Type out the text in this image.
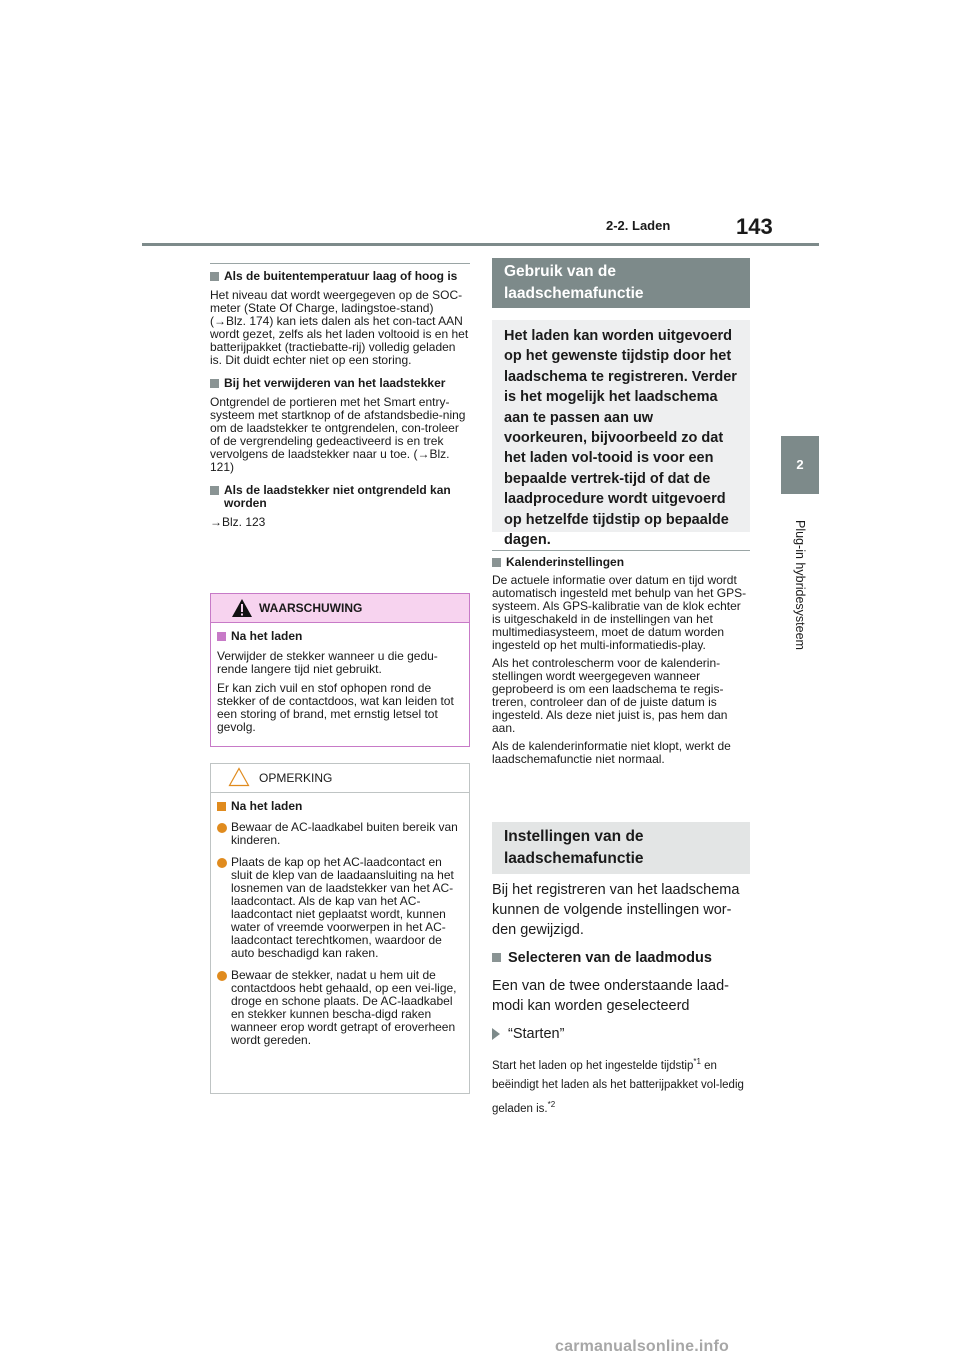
2-2. Laden	143
2
Plug-in hybridesysteem
Als de buitentemperatuur laag of hoog is

Het niveau dat wordt weergegeven op de SOC-meter (State Of Charge, ladingstoe-stand) (→Blz. 174) kan iets dalen als het con-tact AAN wordt gezet, zelfs als het laden voltooid is en het batterijpakket (tractiebatte-rij) volledig geladen is. Dit duidt echter niet op een storing.

Bij het verwijderen van het laadstekker

Ontgrendel de portieren met het Smart entry-systeem met startknop of de afstandsbedie-ning om de laadstekker te ontgrendelen, con-troleer of de vergrendeling gedeactiveerd is en trek vervolgens de laadstekker naar u toe. (→Blz. 121)

Als de laadstekker niet ontgrendeld kan worden

→Blz. 123

WAARSCHUWING
Na het laden

Verwijder de stekker wanneer u die gedu-rende langere tijd niet gebruikt.

Er kan zich vuil en stof ophopen rond de stekker of de contactdoos, wat kan leiden tot een storing of brand, met ernstig letsel tot gevolg.

OPMERKING
Na het laden
Bewaar de AC-laadkabel buiten bereik van kinderen.
Plaats de kap op het AC-laadcontact en sluit de klep van de laadaansluiting na het losnemen van de laadstekker van het AC-laadcontact. Als de kap van het AC-laadcontact niet geplaatst wordt, kunnen water of vreemde voorwerpen in het AC-laadcontact terechtkomen, waardoor de auto beschadigd kan raken.
Bewaar de stekker, nadat u hem uit de contactdoos hebt gehaald, op een vei-lige, droge en schone plaats. De AC-laadkabel en stekker kunnen bescha-digd raken wanneer erop wordt getrapt of eroverheen wordt gereden.
Gebruik van de laadschemafunctie
Het laden kan worden uitgevoerd op het gewenste tijdstip door het laadschema te registreren. Verder is het mogelijk het laadschema aan te passen aan uw voorkeuren, bijvoorbeeld zo dat het laden vol-tooid is voor een bepaalde vertrek-tijd of dat de laadprocedure wordt uitgevoerd op hetzelfde tijdstip op bepaalde dagen.
Kalenderinstellingen

De actuele informatie over datum en tijd wordt automatisch ingesteld met behulp van het GPS-systeem. Als GPS-kalibratie van de klok echter is uitgeschakeld in de instellingen van het multimediasysteem, moet de datum worden ingesteld op het multi-informatiedis-play.

Als het controlescherm voor de kalenderin-stellingen wordt weergegeven wanneer geprobeerd is om een laadschema te regis-treren, controleer dan of de juiste datum is ingesteld. Als deze niet juist is, pas hem dan aan.

Als de kalenderinformatie niet klopt, werkt de laadschemafunctie niet normaal.

Instellingen van de laadschemafunctie

Bij het registreren van het laadschema kunnen de volgende instellingen wor-den gewijzigd.

Selecteren van de laadmodus

Een van de twee onderstaande laad-modi kan worden geselecteerd

“Starten”

Start het laden op het ingestelde tijdstip$^{*1}$ en beëindigt het laden als het batterijpakket vol-ledig geladen is.$^{*2}$

carmanualsonline.info
